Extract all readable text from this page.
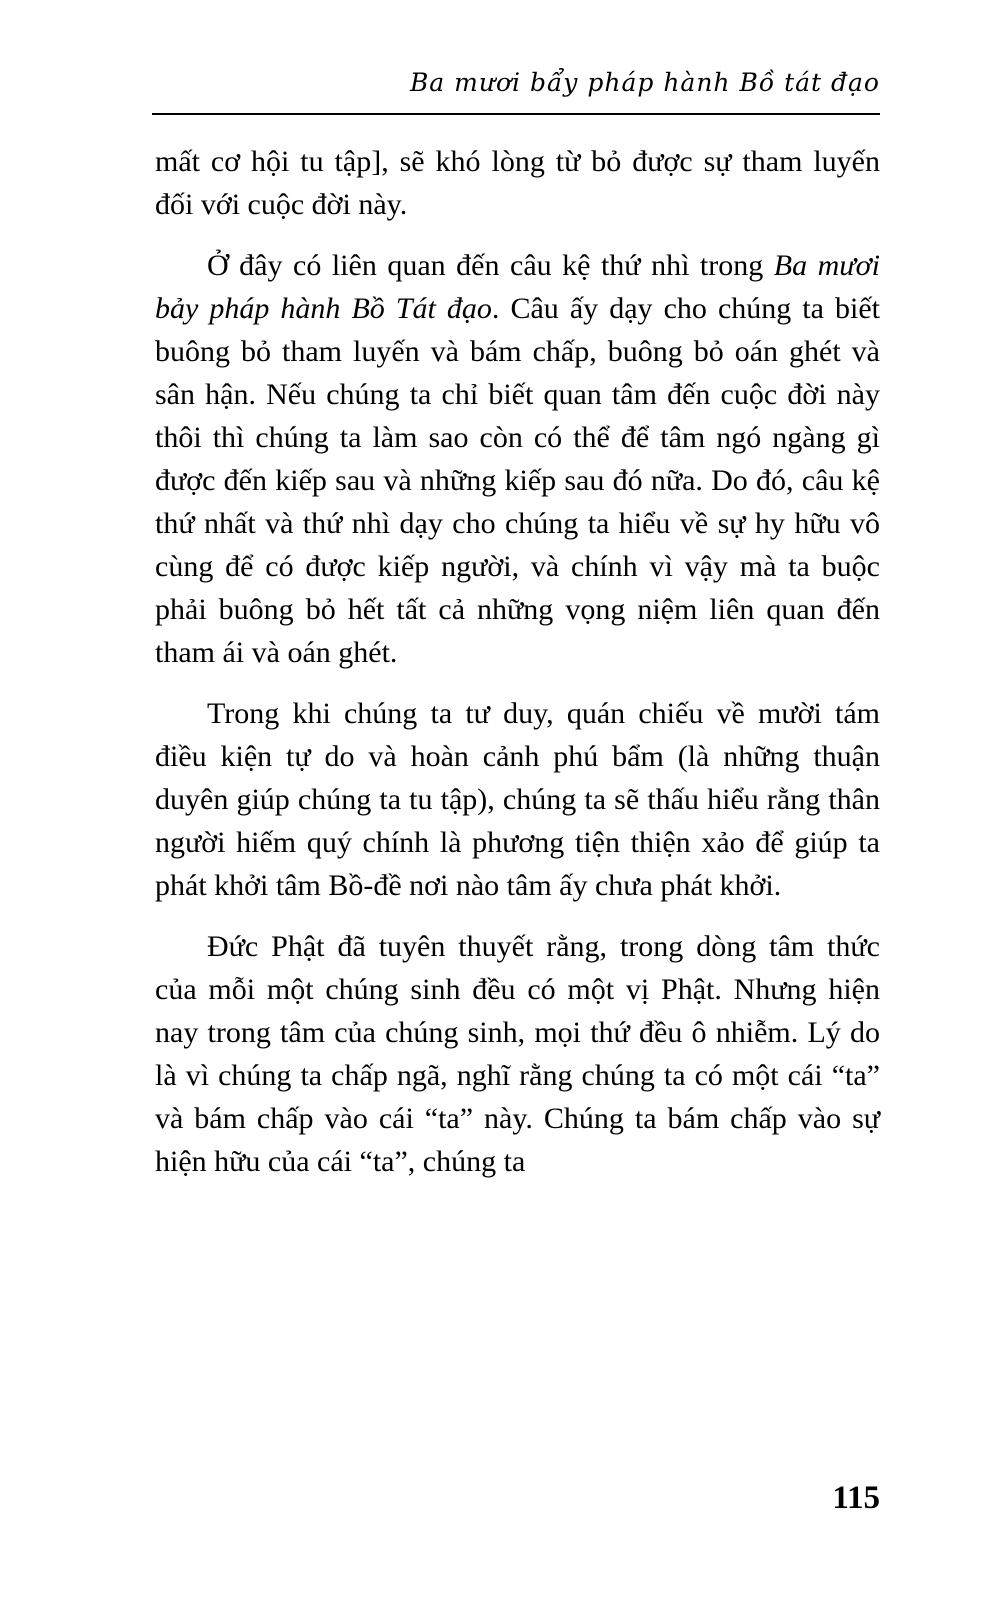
Ba mươi bẩy pháp hành Bồ tát đạo

mất cơ hội tu tập], sẽ khó lòng từ bỏ được sự tham luyến đối với cuộc đời này.

Ở đây có liên quan đến câu kệ thứ nhì trong Ba mươi bảy pháp hành Bồ Tát đạo. Câu ấy dạy cho chúng ta biết buông bỏ tham luyến và bám chấp, buông bỏ oán ghét và sân hận. Nếu chúng ta chỉ biết quan tâm đến cuộc đời này thôi thì chúng ta làm sao còn có thể để tâm ngó ngàng gì được đến kiếp sau và những kiếp sau đó nữa. Do đó, câu kệ thứ nhất và thứ nhì dạy cho chúng ta hiểu về sự hy hữu vô cùng để có được kiếp người, và chính vì vậy mà ta buộc phải buông bỏ hết tất cả những vọng niệm liên quan đến tham ái và oán ghét.

Trong khi chúng ta tư duy, quán chiếu về mười tám điều kiện tự do và hoàn cảnh phú bẩm (là những thuận duyên giúp chúng ta tu tập), chúng ta sẽ thấu hiểu rằng thân người hiếm quý chính là phương tiện thiện xảo để giúp ta phát khởi tâm Bồ-đề nơi nào tâm ấy chưa phát khởi.

Đức Phật đã tuyên thuyết rằng, trong dòng tâm thức của mỗi một chúng sinh đều có một vị Phật. Nhưng hiện nay trong tâm của chúng sinh, mọi thứ đều ô nhiễm. Lý do là vì chúng ta chấp ngã, nghĩ rằng chúng ta có một cái “ta” và bám chấp vào cái “ta” này. Chúng ta bám chấp vào sự hiện hữu của cái “ta”, chúng ta

115
